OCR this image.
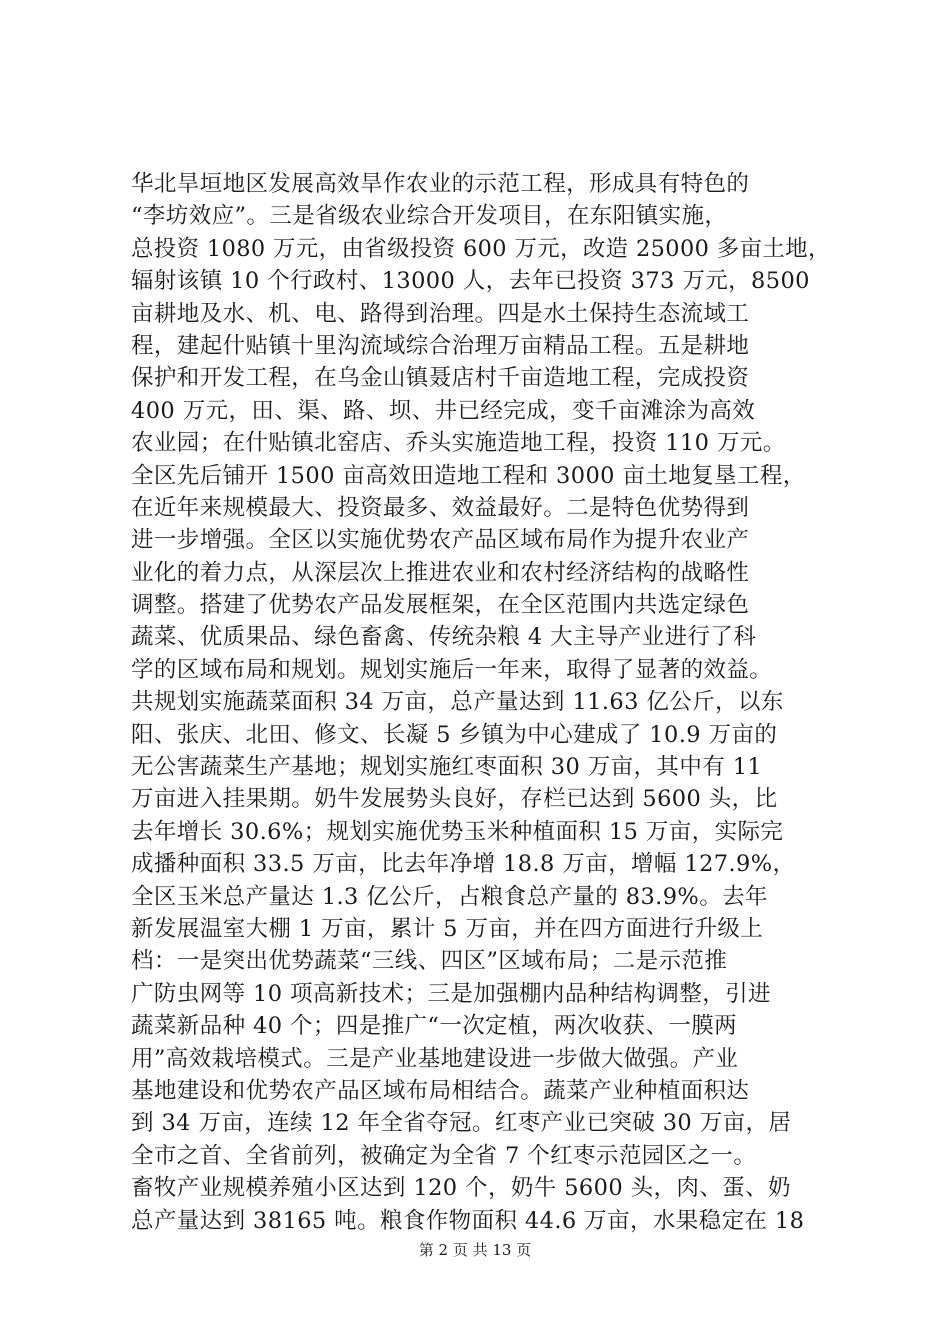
华北旱垣地区发展高效旱作农业的示范工程，形成具有特色的
“李坊效应”。三是省级农业综合开发项目，在东阳镇实施，
总投资 1080 万元，由省级投资 600 万元，改造 25000 多亩土地，
辐射该镇 10 个行政村、13000 人，去年已投资 373 万元，8500
亩耕地及水、机、电、路得到治理。四是水土保持生态流域工
程，建起什贴镇十里沟流域综合治理万亩精品工程。五是耕地
保护和开发工程，在乌金山镇聂店村千亩造地工程，完成投资
400 万元，田、渠、路、坝、井已经完成，变千亩滩涂为高效
农业园；在什贴镇北窑店、乔头实施造地工程，投资 110 万元。
全区先后铺开 1500 亩高效田造地工程和 3000 亩土地复垦工程，
在近年来规模最大、投资最多、效益最好。二是特色优势得到
进一步增强。全区以实施优势农产品区域布局作为提升农业产
业化的着力点，从深层次上推进农业和农村经济结构的战略性
调整。搭建了优势农产品发展框架，在全区范围内共选定绿色
蔬菜、优质果品、绿色畜禽、传统杂粮 4 大主导产业进行了科
学的区域布局和规划。规划实施后一年来，取得了显著的效益。
共规划实施蔬菜面积 34 万亩，总产量达到 11.63 亿公斤，以东
阳、张庆、北田、修文、长凝 5 乡镇为中心建成了 10.9 万亩的
无公害蔬菜生产基地；规划实施红枣面积 30 万亩，其中有 11
万亩进入挂果期。奶牛发展势头良好，存栏已达到 5600 头，比
去年增长 30.6%；规划实施优势玉米种植面积 15 万亩，实际完
成播种面积 33.5 万亩，比去年净增 18.8 万亩，增幅 127.9%，
全区玉米总产量达 1.3 亿公斤，占粮食总产量的 83.9%。去年
新发展温室大棚 1 万亩，累计 5 万亩，并在四方面进行升级上
档：一是突出优势蔬菜“三线、四区”区域布局；二是示范推
广防虫网等 10 项高新技术；三是加强棚内品种结构调整，引进
蔬菜新品种 40 个；四是推广“一次定植，两次收获、一膜两
用”高效栽培模式。三是产业基地建设进一步做大做强。产业
基地建设和优势农产品区域布局相结合。蔬菜产业种植面积达
到 34 万亩，连续 12 年全省夺冠。红枣产业已突破 30 万亩，居
全市之首、全省前列，被确定为全省 7 个红枣示范园区之一。
畜牧产业规模养殖小区达到 120 个，奶牛 5600 头，肉、蛋、奶
总产量达到 38165 吨。粮食作物面积 44.6 万亩，水果稳定在 18
第 2 页 共 13 页
